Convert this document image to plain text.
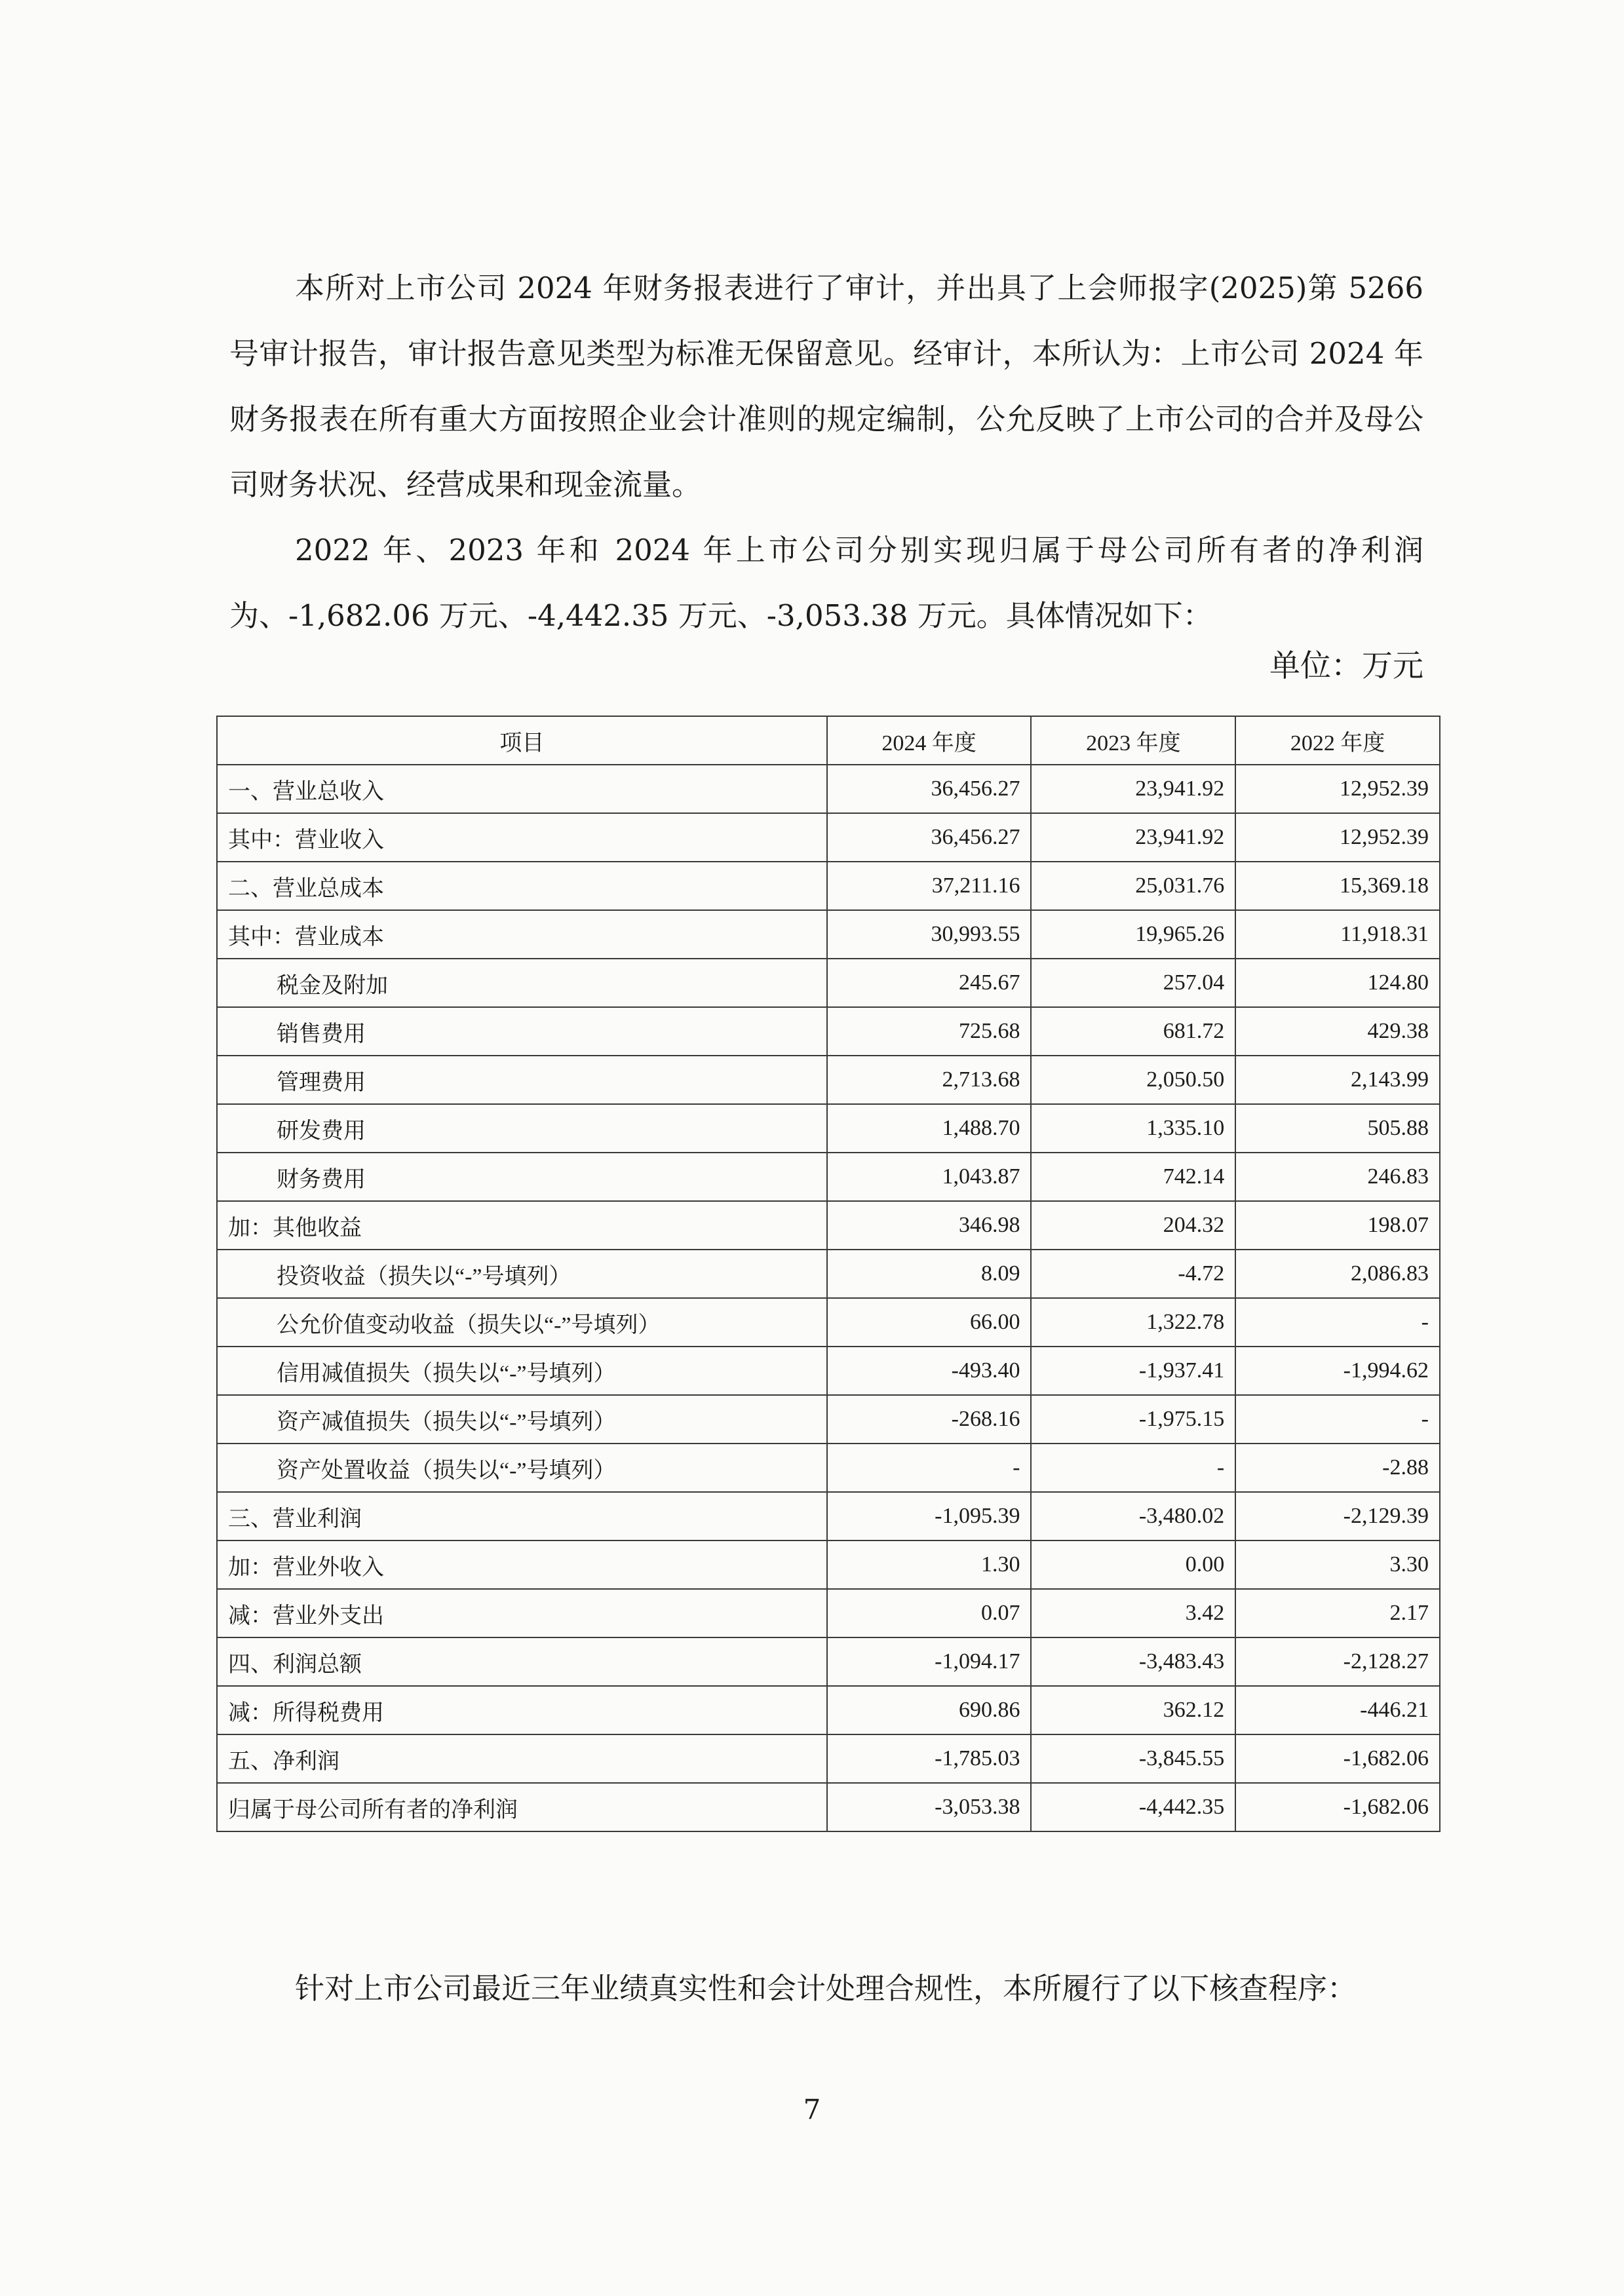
本所对上市公司 2024 年财务报表进行了审计，并出具了上会师报字(2025)第 5266 号审计报告，审计报告意见类型为标准无保留意见。经审计，本所认为：上市公司 2024 年财务报表在所有重大方面按照企业会计准则的规定编制，公允反映了上市公司的合并及母公司财务状况、经营成果和现金流量。

2022 年、2023 年和 2024 年上市公司分别实现归属于母公司所有者的净利润为、-1,682.06 万元、-4,442.35 万元、-3,053.38 万元。具体情况如下：

单位：万元
项目	2024 年度	2023 年度	2022 年度
一、营业总收入	36,456.27	23,941.92	12,952.39
其中：营业收入	36,456.27	23,941.92	12,952.39
二、营业总成本	37,211.16	25,031.76	15,369.18
其中：营业成本	30,993.55	19,965.26	11,918.31
税金及附加	245.67	257.04	124.80
销售费用	725.68	681.72	429.38
管理费用	2,713.68	2,050.50	2,143.99
研发费用	1,488.70	1,335.10	505.88
财务费用	1,043.87	742.14	246.83
加：其他收益	346.98	204.32	198.07
投资收益（损失以“-”号填列）	8.09	-4.72	2,086.83
公允价值变动收益（损失以“-”号填列）	66.00	1,322.78	-
信用减值损失（损失以“-”号填列）	-493.40	-1,937.41	-1,994.62
资产减值损失（损失以“-”号填列）	-268.16	-1,975.15	-
资产处置收益（损失以“-”号填列）	-	-	-2.88
三、营业利润	-1,095.39	-3,480.02	-2,129.39
加：营业外收入	1.30	0.00	3.30
减：营业外支出	0.07	3.42	2.17
四、利润总额	-1,094.17	-3,483.43	-2,128.27
减：所得税费用	690.86	362.12	-446.21
五、净利润	-1,785.03	-3,845.55	-1,682.06
归属于母公司所有者的净利润	-3,053.38	-4,442.35	-1,682.06

针对上市公司最近三年业绩真实性和会计处理合规性，本所履行了以下核查程序：

7
